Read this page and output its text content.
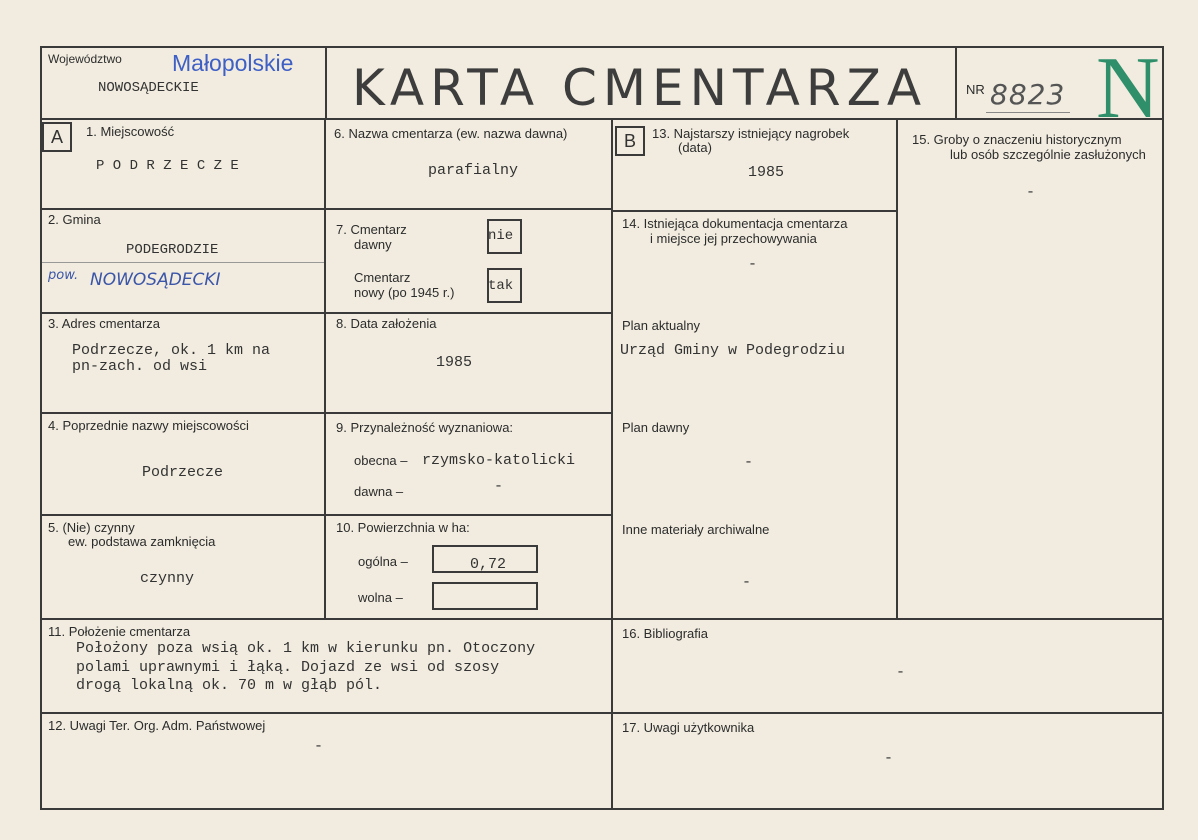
Województwo Małopolskie
NOWOSĄDECKIE	KARTA CMENTARZA	NR 8823 N
A	1. Miejscowość
P O D R Z E C Z E
2. Gmina
PODEGRODZIE
pow. NOWOSĄDECKI
3. Adres cmentarza
Podrzecze, ok. 1 km na
pn-zach. od wsi
4. Poprzednie nazwy miejscowości
Podrzecze
5. (Nie) czynny
ew. podstawa zamknięcia
czynny
6. Nazwa cmentarza (ew. nazwa dawna)
parafialny
7. Cmentarz
dawny
nie
Cmentarz
nowy (po 1945 r.) tak
8. Data założenia
1985
9. Przynależność wyznaniowa:
obecna – rzymsko-katolicki
dawna –	-
10. Powierzchnia w ha:
ogólna –	0,72
wolna –
B	13. Najstarszy istniejący nagrobek
(data)
1985
14. Istniejąca dokumentacja cmentarza
i miejsce jej przechowywania
-
Plan aktualny
Urząd Gminy w Podegrodziu
Plan dawny
-
Inne materiały archiwalne
-
15. Groby o znaczeniu historycznym
lub osób szczególnie zasłużonych
-
11. Położenie cmentarza
Położony poza wsią ok. 1 km w kierunku pn. Otoczony
polami uprawnymi i łąką. Dojazd ze wsi od szosy
drogą lokalną ok. 70 m w głąb pól.
12. Uwagi Ter. Org. Adm. Państwowej
-
16. Bibliografia
-
17. Uwagi użytkownika
-
